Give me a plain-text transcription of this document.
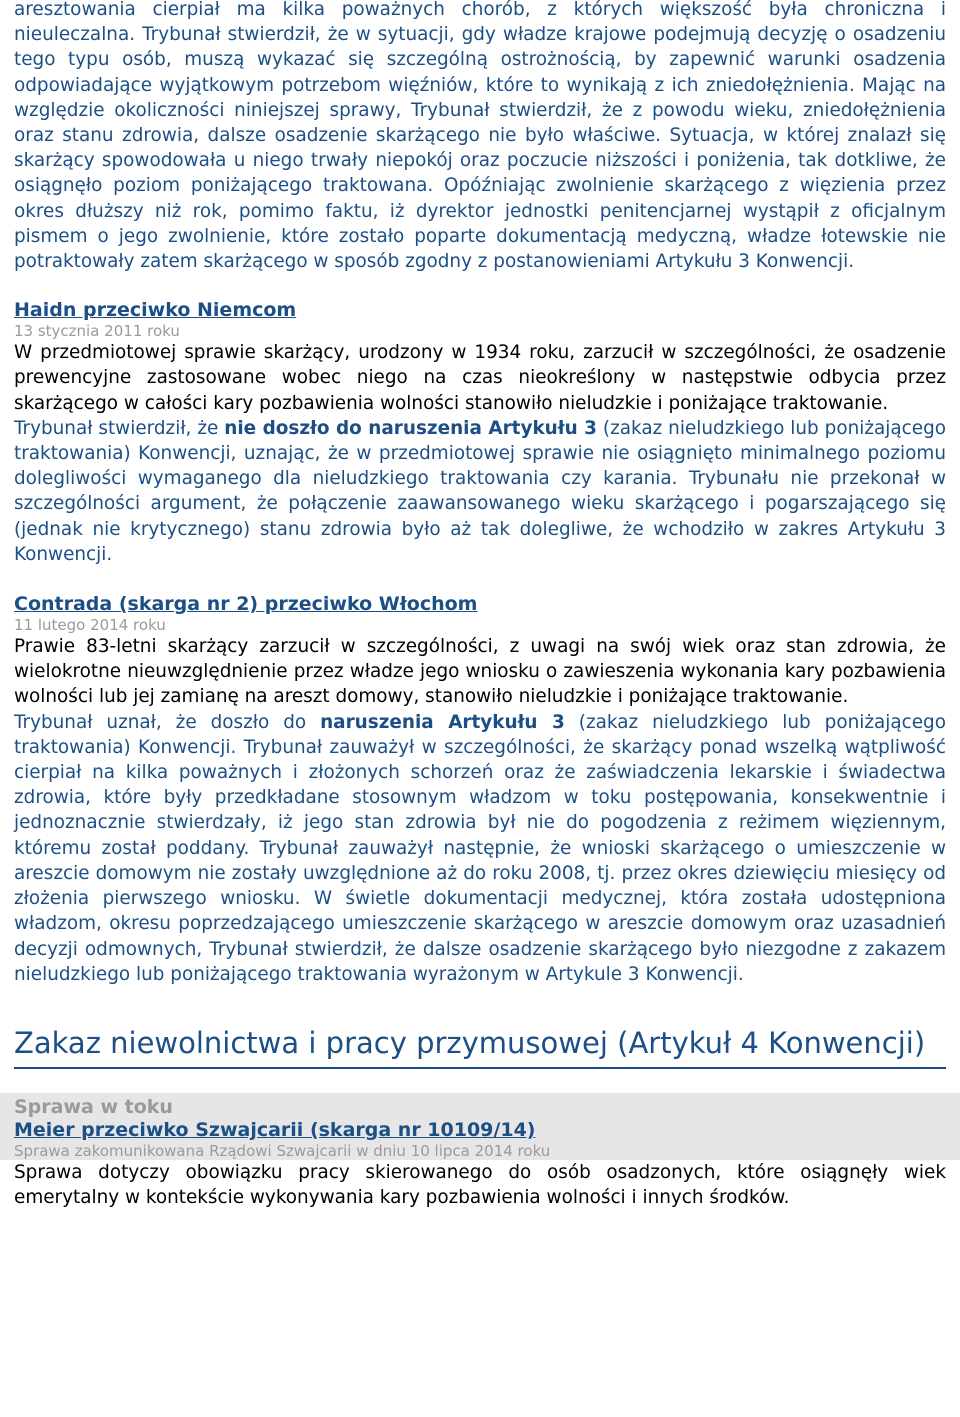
aresztowania cierpiał ma kilka poważnych chorób, z których większość była chroniczna i nieuleczalna. Trybunał stwierdził, że w sytuacji, gdy władze krajowe podejmują decyzję o osadzeniu tego typu osób, muszą wykazać się szczególną ostrożnością, by zapewnić warunki osadzenia odpowiadające wyjątkowym potrzebom więźniów, które to wynikają z ich zniedołężnienia. Mając na względzie okoliczności niniejszej sprawy, Trybunał stwierdził, że z powodu wieku, zniedołężnienia oraz stanu zdrowia, dalsze osadzenie skarżącego nie było właściwe. Sytuacja, w której znalazł się skarżący spowodowała u niego trwały niepokój oraz poczucie niższości i poniżenia, tak dotkliwe, że osiągnęło poziom poniżającego traktowana. Opóźniając zwolnienie skarżącego z więzienia przez okres dłuższy niż rok, pomimo faktu, iż dyrektor jednostki penitencjarnej wystąpił z oficjalnym pismem o jego zwolnienie, które zostało poparte dokumentacją medyczną, władze łotewskie nie potraktowały zatem skarżącego w sposób zgodny z postanowieniami Artykułu 3 Konwencji.

Haidn przeciwko Niemcom

13 stycznia 2011 roku

W przedmiotowej sprawie skarżący, urodzony w 1934 roku, zarzucił w szczególności, że osadzenie prewencyjne zastosowane wobec niego na czas nieokreślony w następstwie odbycia przez skarżącego w całości kary pozbawienia wolności stanowiło nieludzkie i poniżające traktowanie.

Trybunał stwierdził, że nie doszło do naruszenia Artykułu 3 (zakaz nieludzkiego lub poniżającego traktowania) Konwencji, uznając, że w przedmiotowej sprawie nie osiągnięto minimalnego poziomu dolegliwości wymaganego dla nieludzkiego traktowania czy karania. Trybunału nie przekonał w szczególności argument, że połączenie zaawansowanego wieku skarżącego i pogarszającego się (jednak nie krytycznego) stanu zdrowia było aż tak dolegliwe, że wchodziło w zakres Artykułu 3 Konwencji.

Contrada (skarga nr 2) przeciwko Włochom

11 lutego 2014 roku

Prawie 83-letni skarżący zarzucił w szczególności, z uwagi na swój wiek oraz stan zdrowia, że wielokrotne nieuwzględnienie przez władze jego wniosku o zawieszenia wykonania kary pozbawienia wolności lub jej zamianę na areszt domowy, stanowiło nieludzkie i poniżające traktowanie.

Trybunał uznał, że doszło do naruszenia Artykułu 3 (zakaz nieludzkiego lub poniżającego traktowania) Konwencji. Trybunał zauważył w szczególności, że skarżący ponad wszelką wątpliwość cierpiał na kilka poważnych i złożonych schorzeń oraz że zaświadczenia lekarskie i świadectwa zdrowia, które były przedkładane stosownym władzom w toku postępowania, konsekwentnie i jednoznacznie stwierdzały, iż jego stan zdrowia był nie do pogodzenia z reżimem więziennym, któremu został poddany. Trybunał zauważył następnie, że wnioski skarżącego o umieszczenie w areszcie domowym nie zostały uwzględnione aż do roku 2008, tj. przez okres dziewięciu miesięcy od złożenia pierwszego wniosku. W świetle dokumentacji medycznej, która została udostępniona władzom, okresu poprzedzającego umieszczenie skarżącego w areszcie domowym oraz uzasadnień decyzji odmownych, Trybunał stwierdził, że dalsze osadzenie skarżącego było niezgodne z zakazem nieludzkiego lub poniżającego traktowania wyrażonym w Artykule 3 Konwencji.

Zakaz niewolnictwa i pracy przymusowej (Artykuł 4 Konwencji)

Sprawa w toku

Meier przeciwko Szwajcarii (skarga nr 10109/14)

Sprawa zakomunikowana Rządowi Szwajcarii w dniu 10 lipca 2014 roku

Sprawa dotyczy obowiązku pracy skierowanego do osób osadzonych, które osiągnęły wiek emerytalny w kontekście wykonywania kary pozbawienia wolności i innych środków.
